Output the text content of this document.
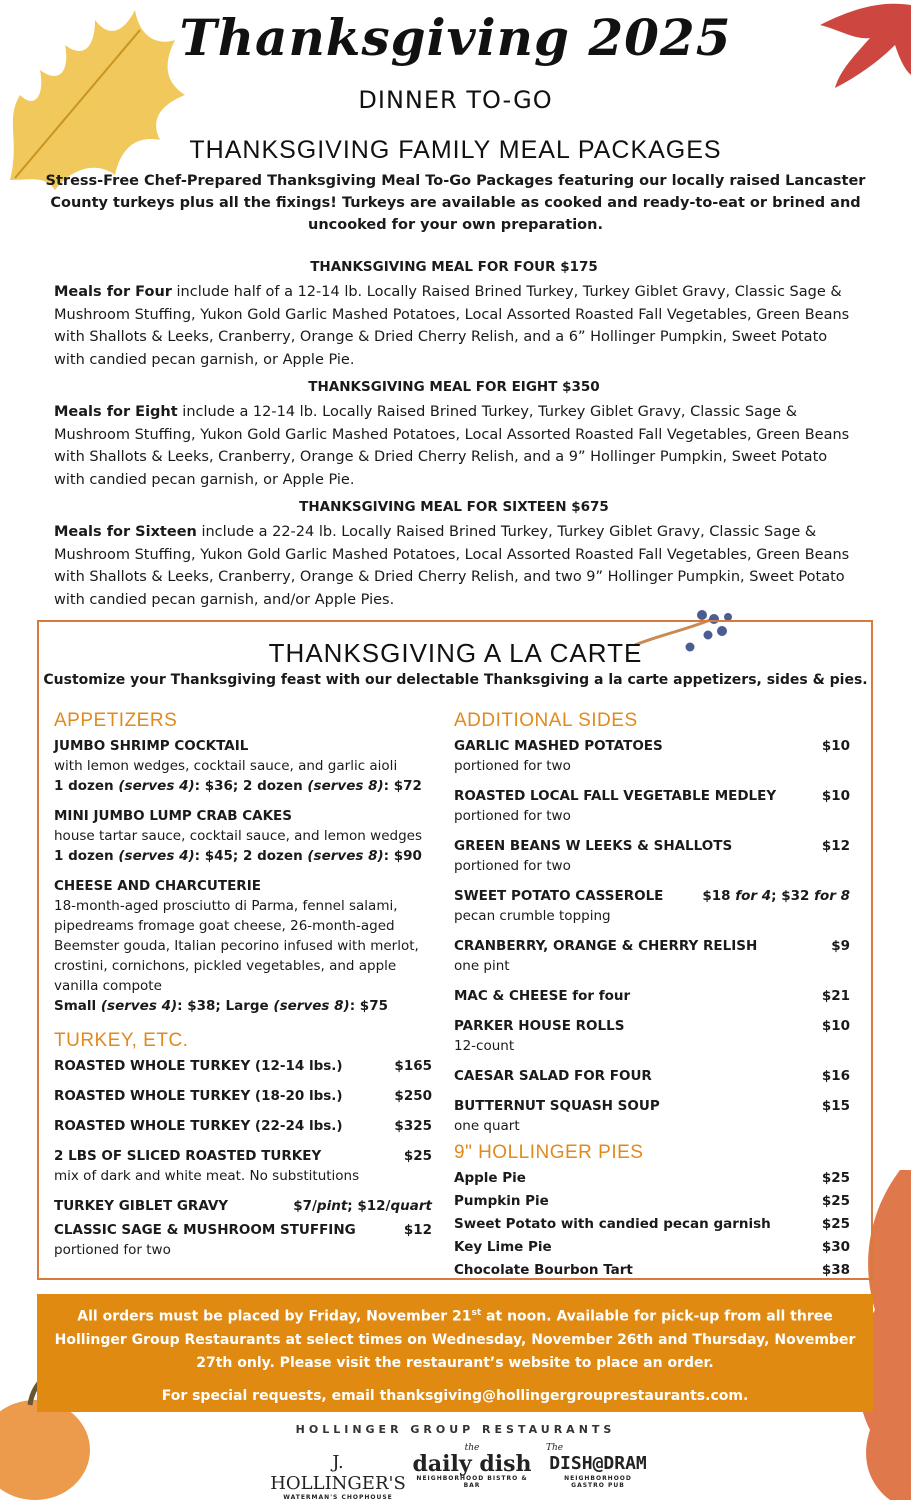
Thanksgiving 2025
DINNER TO-GO
THANKSGIVING FAMILY MEAL PACKAGES
Stress-Free Chef-Prepared Thanksgiving Meal To-Go Packages featuring our locally raised Lancaster County turkeys plus all the fixings! Turkeys are available as cooked and ready-to-eat or brined and uncooked for your own preparation.
THANKSGIVING MEAL FOR FOUR $175
Meals for Four include half of a 12-14 lb. Locally Raised Brined Turkey, Turkey Giblet Gravy, Classic Sage & Mushroom Stuffing, Yukon Gold Garlic Mashed Potatoes, Local Assorted Roasted Fall Vegetables, Green Beans with Shallots & Leeks, Cranberry, Orange & Dried Cherry Relish, and a 6” Hollinger Pumpkin, Sweet Potato with candied pecan garnish, or Apple Pie.
THANKSGIVING MEAL FOR EIGHT $350
Meals for Eight include a 12-14 lb. Locally Raised Brined Turkey, Turkey Giblet Gravy, Classic Sage & Mushroom Stuffing, Yukon Gold Garlic Mashed Potatoes, Local Assorted Roasted Fall Vegetables, Green Beans with Shallots & Leeks, Cranberry, Orange & Dried Cherry Relish, and a 9” Hollinger Pumpkin, Sweet Potato with candied pecan garnish, or Apple Pie.
THANKSGIVING MEAL FOR SIXTEEN $675
Meals for Sixteen include a 22-24 lb. Locally Raised Brined Turkey, Turkey Giblet Gravy, Classic Sage & Mushroom Stuffing, Yukon Gold Garlic Mashed Potatoes, Local Assorted Roasted Fall Vegetables, Green Beans with Shallots & Leeks, Cranberry, Orange & Dried Cherry Relish, and two 9” Hollinger Pumpkin, Sweet Potato with candied pecan garnish, and/or Apple Pies.
THANKSGIVING A LA CARTE
Customize your Thanksgiving feast with our delectable Thanksgiving a la carte appetizers, sides & pies.
APPETIZERS
JUMBO SHRIMP COCKTAIL
with lemon wedges, cocktail sauce, and garlic aioli
1 dozen (serves 4): $36; 2 dozen (serves 8): $72
MINI JUMBO LUMP CRAB CAKES
house tartar sauce, cocktail sauce, and lemon wedges
1 dozen (serves 4): $45; 2 dozen (serves 8): $90
CHEESE AND CHARCUTERIE
18-month-aged prosciutto di Parma, fennel salami, pipedreams fromage goat cheese, 26-month-aged Beemster gouda, Italian pecorino infused with merlot, crostini, cornichons, pickled vegetables, and apple vanilla compote
Small (serves 4): $38; Large (serves 8): $75
TURKEY, ETC.
ROASTED WHOLE TURKEY (12-14 lbs.)	$165
ROASTED WHOLE TURKEY (18-20 lbs.)	$250
ROASTED WHOLE TURKEY (22-24 lbs.)	$325
2 LBS OF SLICED ROASTED TURKEY	$25
mix of dark and white meat. No substitutions
TURKEY GIBLET GRAVY	$7/pint; $12/quart
CLASSIC SAGE & MUSHROOM STUFFING	$12
portioned for two
ADDITIONAL SIDES
GARLIC MASHED POTATOES	$10
portioned for two
ROASTED LOCAL FALL VEGETABLE MEDLEY	$10
portioned for two
GREEN BEANS W LEEKS & SHALLOTS	$12
portioned for two
SWEET POTATO CASSEROLE	$18 for 4; $32 for 8
pecan crumble topping
CRANBERRY, ORANGE & CHERRY RELISH	$9
one pint
MAC & CHEESE for four	$21
PARKER HOUSE ROLLS	$10
12-count
CAESAR SALAD FOR FOUR	$16
BUTTERNUT SQUASH SOUP	$15
one quart
9" HOLLINGER PIES
Apple Pie	$25
Pumpkin Pie	$25
Sweet Potato with candied pecan garnish	$25
Key Lime Pie	$30
Chocolate Bourbon Tart	$38
All orders must be placed by Friday, November 21st at noon. Available for pick-up from all three Hollinger Group Restaurants at select times on Wednesday, November 26th and Thursday, November 27th only. Please visit the restaurant’s website to place an order.
For special requests, email thanksgiving@hollingergrouprestaurants.com.
HOLLINGER GROUP RESTAURANTS
J. HOLLINGER'S
WATERMAN'S CHOPHOUSE
the
daily dish
NEIGHBORHOOD BISTRO & BAR
The
DISH@DRAM
NEIGHBORHOOD GASTRO PUB
